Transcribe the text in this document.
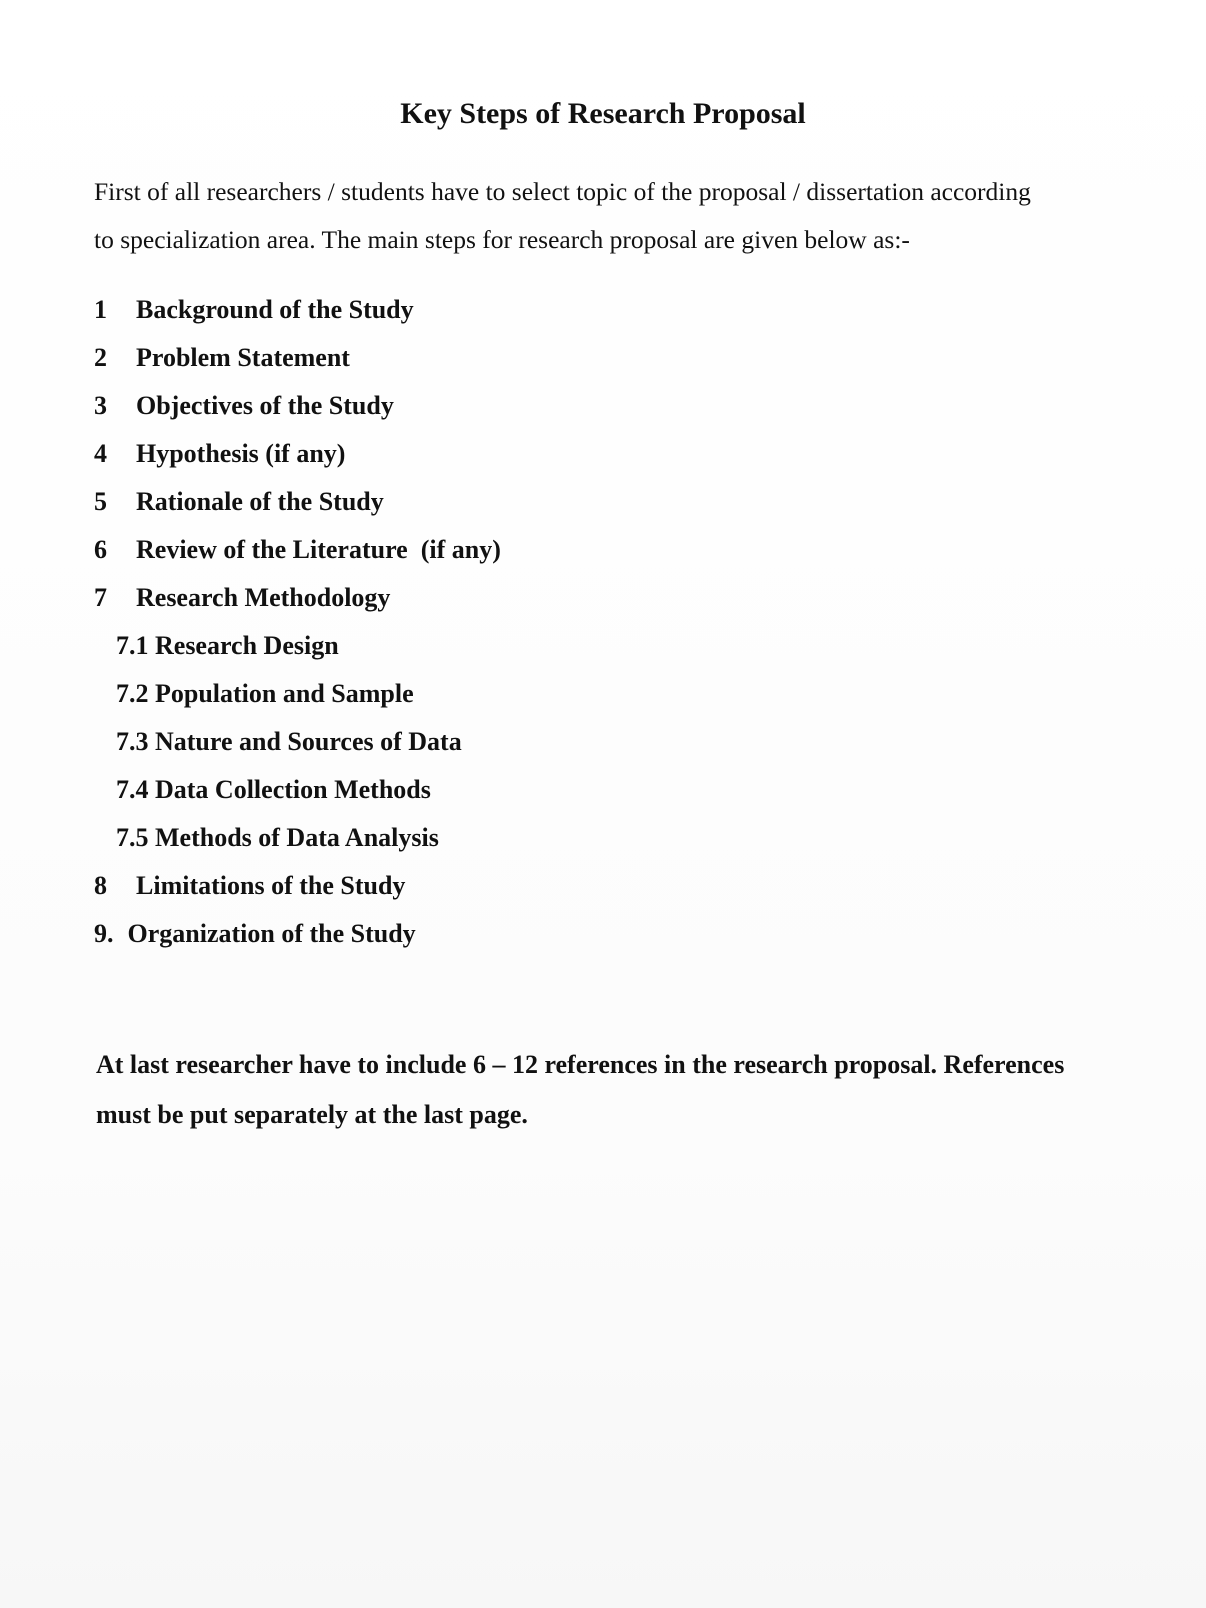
Key Steps of Research Proposal

First of all researchers / students have to select topic of the proposal / dissertation according

to specialization area. The main steps for research proposal are given below as:-

1 Background of the Study
2 Problem Statement
3 Objectives of the Study
4 Hypothesis (if any)
5 Rationale of the Study
6 Review of the Literature  (if any)
7 Research Methodology
7.1 Research Design
7.2 Population and Sample
7.3 Nature and Sources of Data
7.4 Data Collection Methods
7.5 Methods of Data Analysis
8 Limitations of the Study
9. Organization of the Study

At last researcher have to include 6 – 12 references in the research proposal. References

must be put separately at the last page.
